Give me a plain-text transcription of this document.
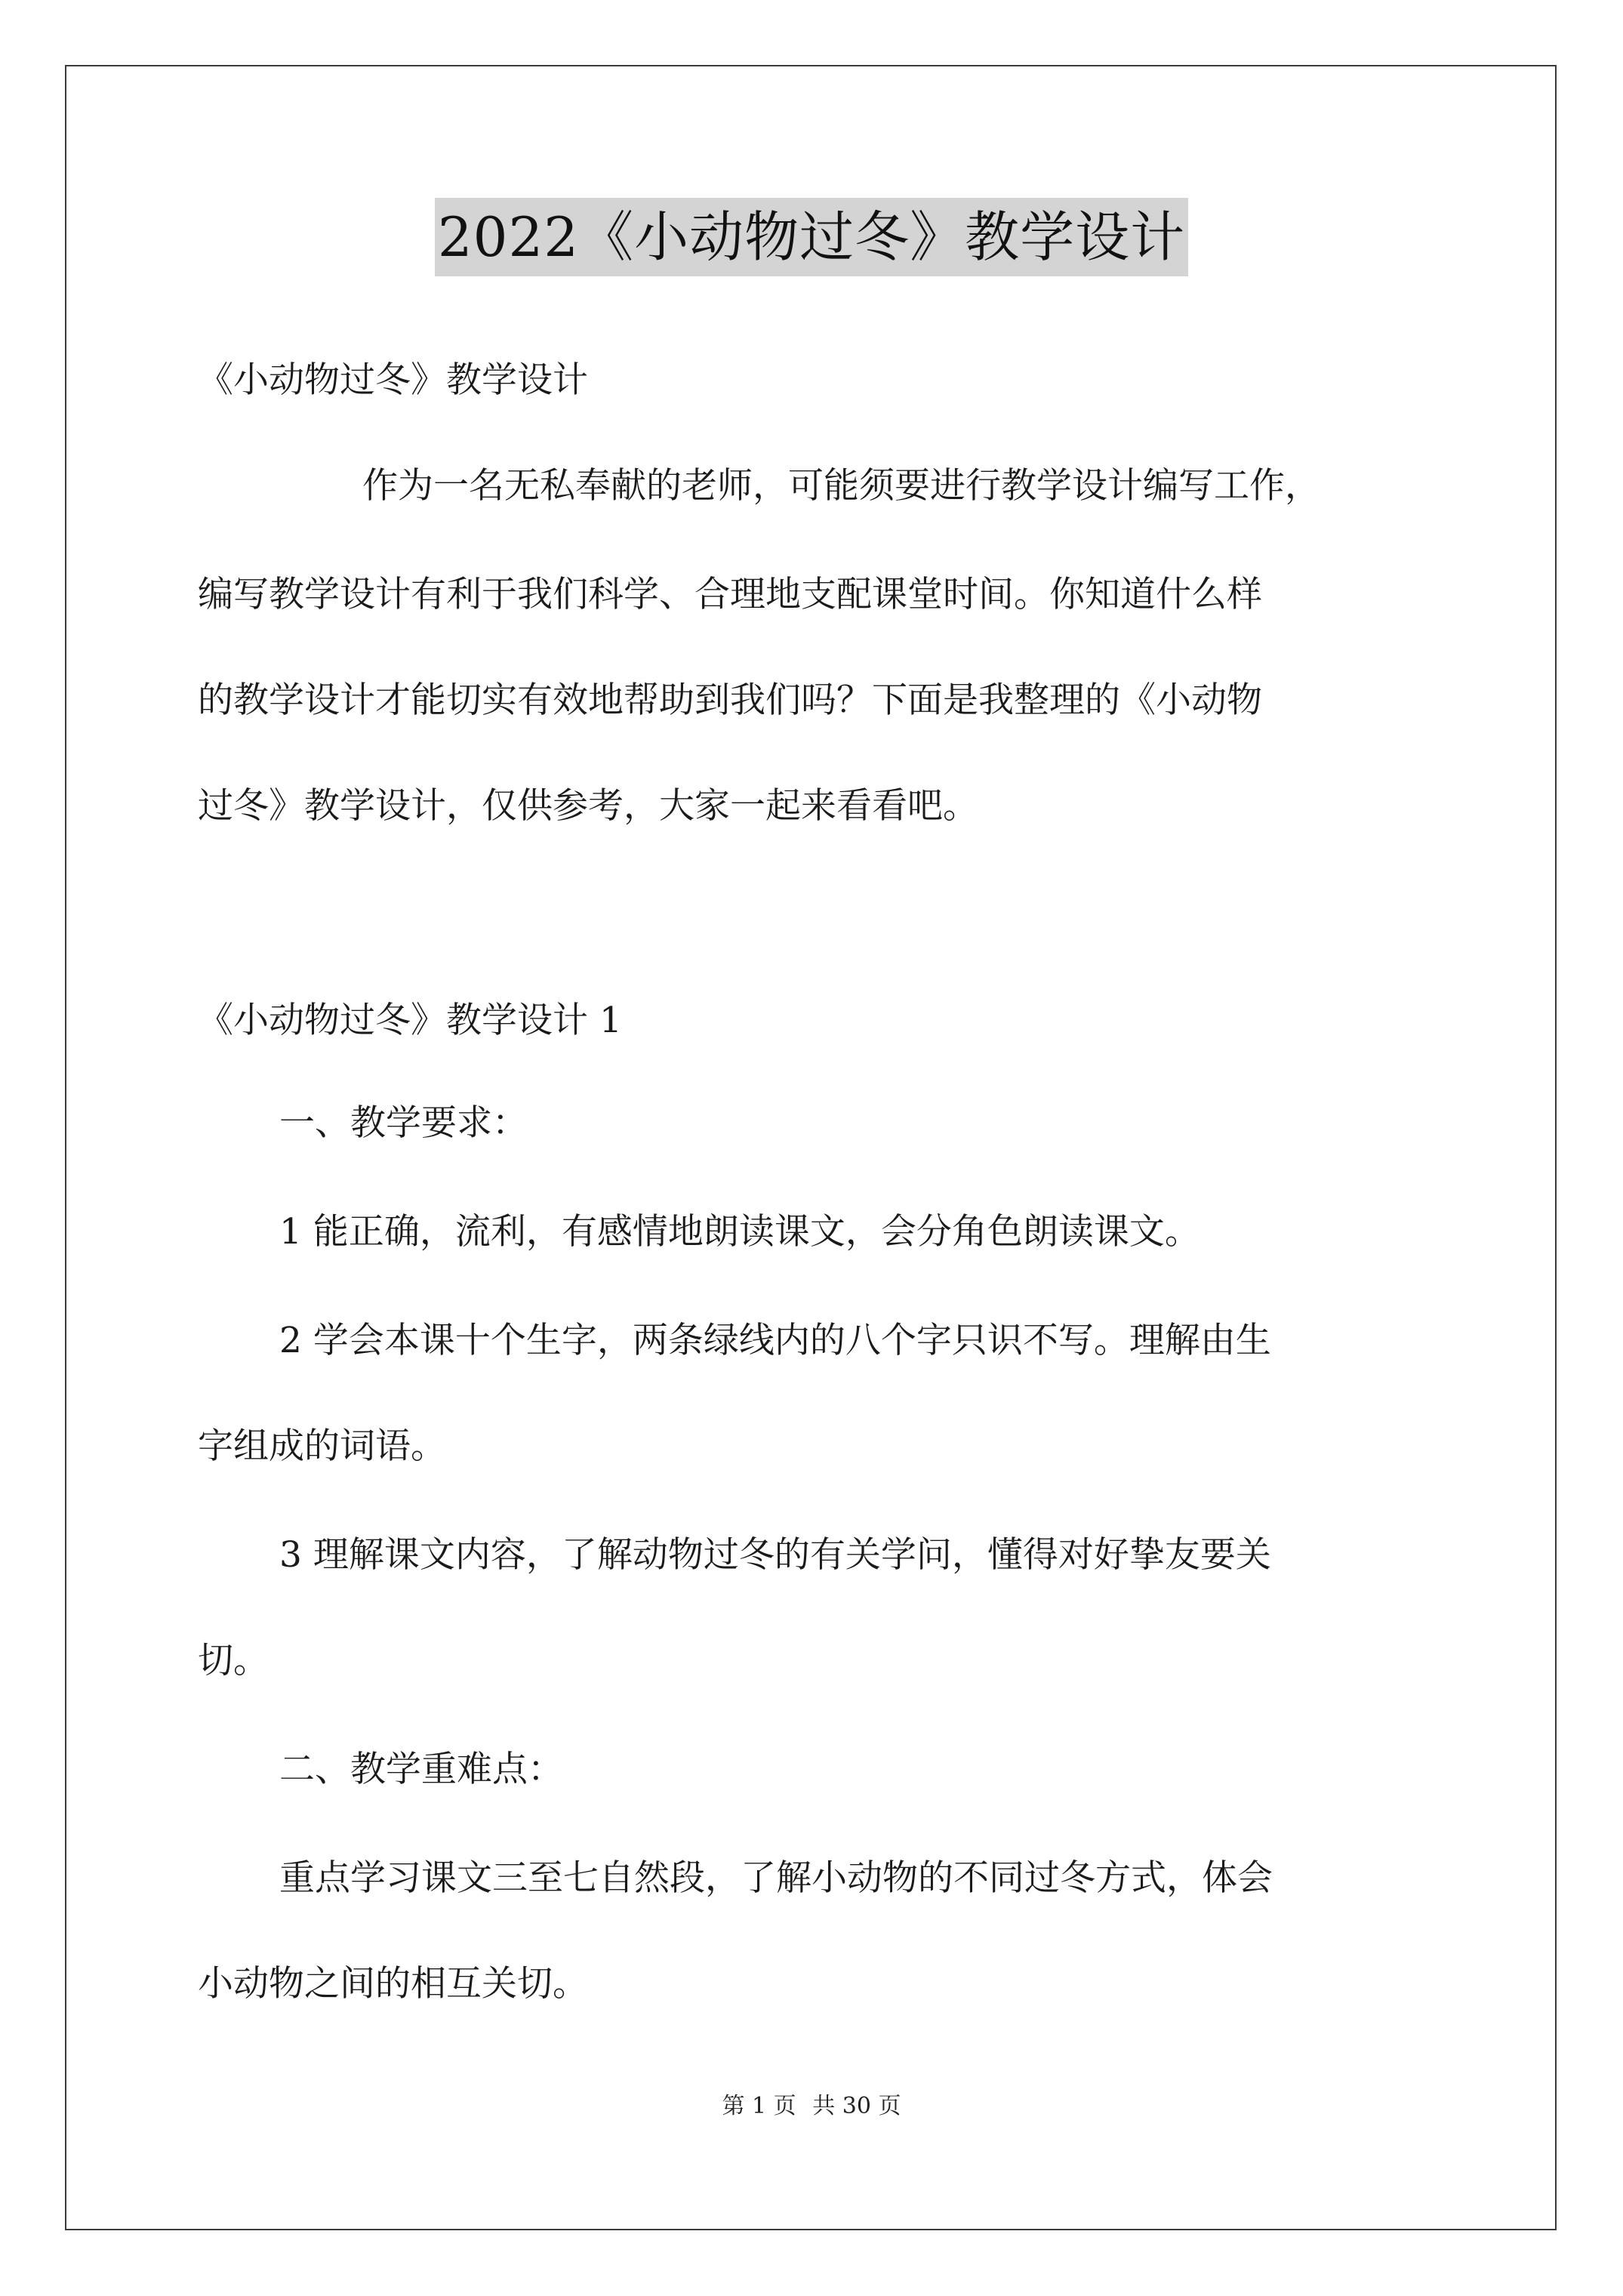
2022《小动物过冬》教学设计
《小动物过冬》教学设计
作为一名无私奉献的老师，可能须要进行教学设计编写工作，
编写教学设计有利于我们科学、合理地支配课堂时间。你知道什么样
的教学设计才能切实有效地帮助到我们吗？下面是我整理的《小动物
过冬》教学设计，仅供参考，大家一起来看看吧。
《小动物过冬》教学设计 1
一、教学要求：
1 能正确，流利，有感情地朗读课文，会分角色朗读课文。
2 学会本课十个生字，两条绿线内的八个字只识不写。理解由生
字组成的词语。
3 理解课文内容，了解动物过冬的有关学问，懂得对好挚友要关
切。
二、教学重难点：
重点学习课文三至七自然段，了解小动物的不同过冬方式，体会
小动物之间的相互关切。
第 1 页 共 30 页
